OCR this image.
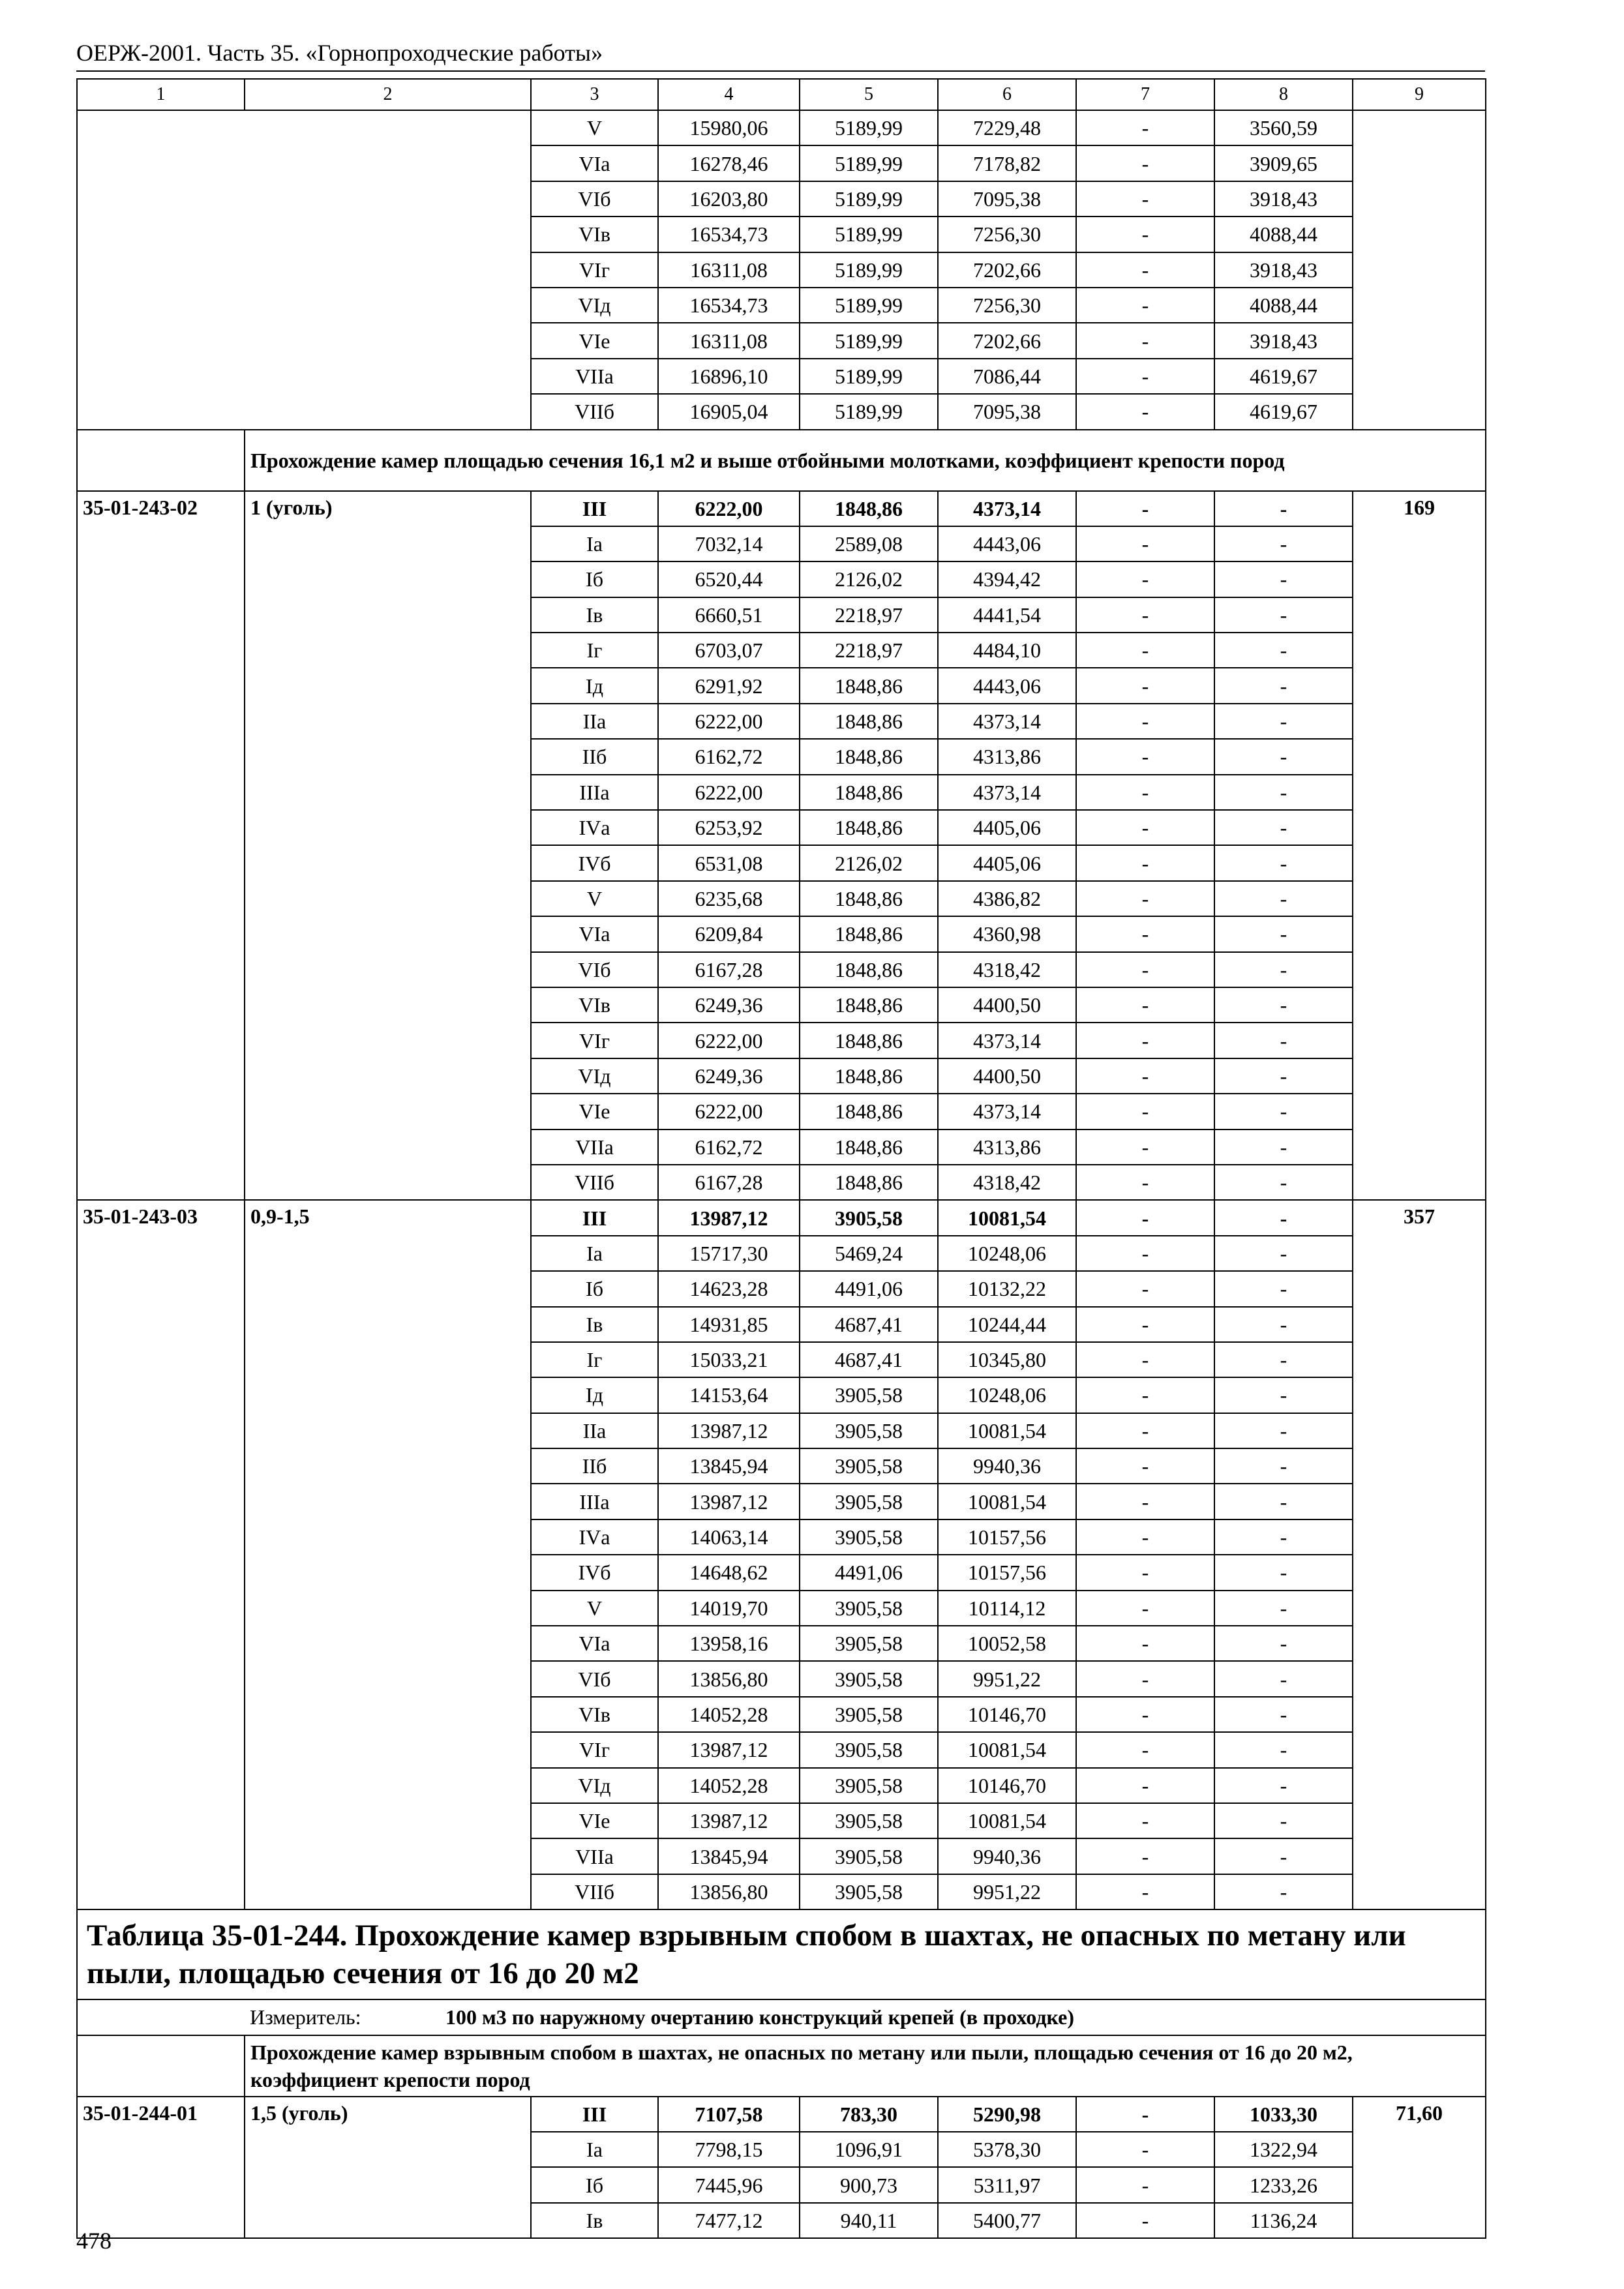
ОЕРЖ-2001. Часть 35. «Горнопроходческие работы»
1	2	3	4	5	6	7	8	9
		V	15980,06	5189,99	7229,48	-	3560,59	
		VIа	16278,46	5189,99	7178,82	-	3909,65	
		VIб	16203,80	5189,99	7095,38	-	3918,43	
		VIв	16534,73	5189,99	7256,30	-	4088,44	
		VIг	16311,08	5189,99	7202,66	-	3918,43	
		VIд	16534,73	5189,99	7256,30	-	4088,44	
		VIе	16311,08	5189,99	7202,66	-	3918,43	
		VIIа	16896,10	5189,99	7086,44	-	4619,67	
		VIIб	16905,04	5189,99	7095,38	-	4619,67	
	Прохождение камер площадью сечения 16,1 м2 и выше отбойными молотками, коэффициент крепости пород							
35-01-243-02	1 (уголь)	III	6222,00	1848,86	4373,14	-	-	169
		Iа	7032,14	2589,08	4443,06	-	-	
		Iб	6520,44	2126,02	4394,42	-	-	
		Iв	6660,51	2218,97	4441,54	-	-	
		Iг	6703,07	2218,97	4484,10	-	-	
		Iд	6291,92	1848,86	4443,06	-	-	
		IIа	6222,00	1848,86	4373,14	-	-	
		IIб	6162,72	1848,86	4313,86	-	-	
		IIIа	6222,00	1848,86	4373,14	-	-	
		IVа	6253,92	1848,86	4405,06	-	-	
		IVб	6531,08	2126,02	4405,06	-	-	
		V	6235,68	1848,86	4386,82	-	-	
		VIа	6209,84	1848,86	4360,98	-	-	
		VIб	6167,28	1848,86	4318,42	-	-	
		VIв	6249,36	1848,86	4400,50	-	-	
		VIг	6222,00	1848,86	4373,14	-	-	
		VIд	6249,36	1848,86	4400,50	-	-	
		VIе	6222,00	1848,86	4373,14	-	-	
		VIIа	6162,72	1848,86	4313,86	-	-	
		VIIб	6167,28	1848,86	4318,42	-	-	
35-01-243-03	0,9-1,5	III	13987,12	3905,58	10081,54	-	-	357
		Iа	15717,30	5469,24	10248,06	-	-	
		Iб	14623,28	4491,06	10132,22	-	-	
		Iв	14931,85	4687,41	10244,44	-	-	
		Iг	15033,21	4687,41	10345,80	-	-	
		Iд	14153,64	3905,58	10248,06	-	-	
		IIа	13987,12	3905,58	10081,54	-	-	
		IIб	13845,94	3905,58	9940,36	-	-	
		IIIа	13987,12	3905,58	10081,54	-	-	
		IVа	14063,14	3905,58	10157,56	-	-	
		IVб	14648,62	4491,06	10157,56	-	-	
		V	14019,70	3905,58	10114,12	-	-	
		VIа	13958,16	3905,58	10052,58	-	-	
		VIб	13856,80	3905,58	9951,22	-	-	
		VIв	14052,28	3905,58	10146,70	-	-	
		VIг	13987,12	3905,58	10081,54	-	-	
		VIд	14052,28	3905,58	10146,70	-	-	
		VIе	13987,12	3905,58	10081,54	-	-	
		VIIа	13845,94	3905,58	9940,36	-	-	
		VIIб	13856,80	3905,58	9951,22	-	-	
Таблица 35-01-244. Прохождение камер взрывным спобом в шахтах, не опасных по метану или пыли, площадью сечения от 16 до 20 м2								
	Измеритель: 100 м3 по наружному очертанию конструкций крепей (в проходке)							
	Прохождение камер взрывным спобом в шахтах, не опасных по метану или пыли, площадью сечения от 16 до 20 м2, коэффициент крепости пород							
35-01-244-01	1,5 (уголь)	III	7107,58	783,30	5290,98	-	1033,30	71,60
		Iа	7798,15	1096,91	5378,30	-	1322,94	
		Iб	7445,96	900,73	5311,97	-	1233,26	
		Iв	7477,12	940,11	5400,77	-	1136,24	
478
